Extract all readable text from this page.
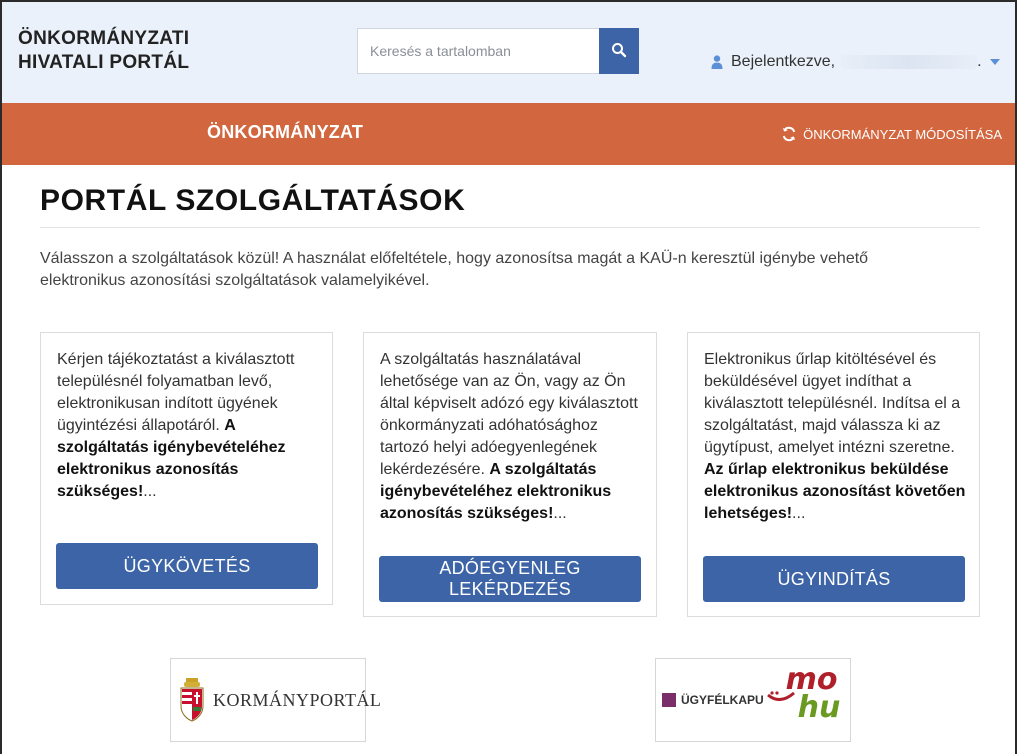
ÖNKORMÁNYZATI
HIVATALI PORTÁL
Keresés a tartalomban	Bejelentkezve,	.
ÖNKORMÁNYZAT	ÖNKORMÁNYZAT MÓDOSÍTÁSA
PORTÁL SZOLGÁLTATÁSOK

Válasszon a szolgáltatások közül! A használat előfeltétele, hogy azonosítsa magát a KAÜ-n keresztül igénybe vehető elektronikus azonosítási szolgáltatások valamelyikével.

Kérjen tájékoztatást a kiválasztott településnél folyamatban levő, elektronikusan indított ügyének ügyintézési állapotáról. A szolgáltatás igénybevételéhez elektronikus azonosítás szükséges!...
ÜGYKÖVETÉS
A szolgáltatás használatával lehetősége van az Ön, vagy az Ön által képviselt adózó egy kiválasztott önkormányzati adóhatósághoz tartozó helyi adóegyenlegének lekérdezésére. A szolgáltatás igénybevételéhez elektronikus azonosítás szükséges!...
ADÓEGYENLEG LEKÉRDEZÉS
Elektronikus űrlap kitöltésével és beküldésével ügyet indíthat a kiválasztott településnél. Indítsa el a szolgáltatást, majd válassza ki az ügytípust, amelyet intézni szeretne. Az űrlap elektronikus beküldése elektronikus azonosítást követően lehetséges!...
ÜGYINDÍTÁS
KORMÁNYPORTÁL	ÜGYFÉLKAPU
mo
hu
